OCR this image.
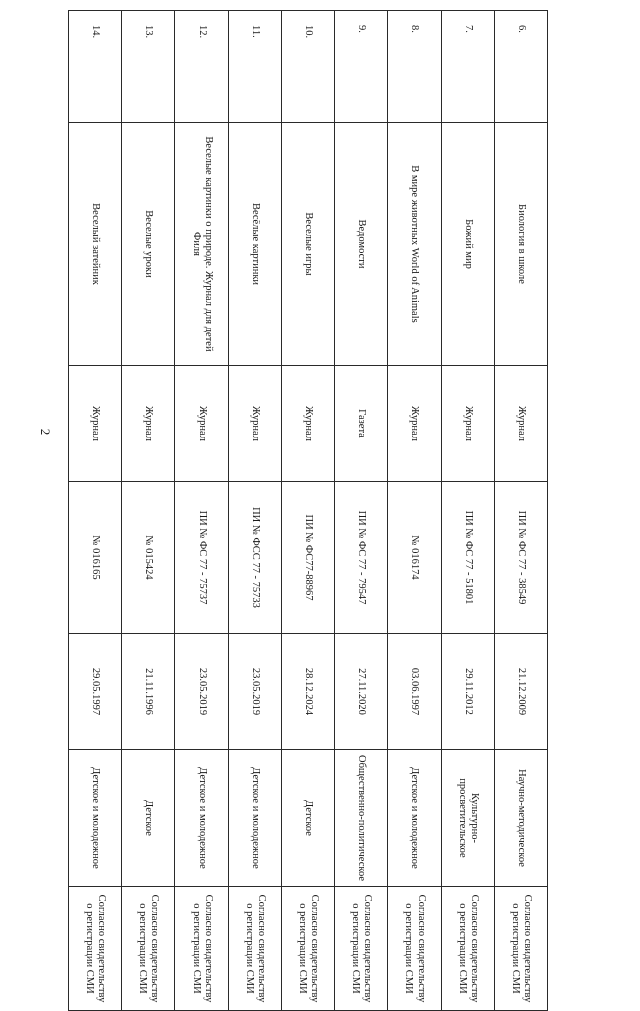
2
6.	Биология в школе	Журнал	ПИ № ФС 77 - 38549	21.12.2009	Научно-методическое	Согласно свидетельству о регистрации СМИ
7.	Божий мир	Журнал	ПИ № ФС 77 - 51801	29.11.2012	Культурно-просветительское	Согласно свидетельству о регистрации СМИ
8.	В мире животных World of Animals	Журнал	№ 016174	03.06.1997	Детское и молодежное	Согласно свидетельству о регистрации СМИ
9.	Ведомости	Газета	ПИ № ФС 77 - 79547	27.11.2020	Общественно-политическое	Согласно свидетельству о регистрации СМИ
10.	Веселые игры	Журнал	ПИ № ФС77-88967	28.12.2024	Детское	Согласно свидетельству о регистрации СМИ
11.	Весёлые картинки	Журнал	ПИ № ФСС 77 - 75733	23.05.2019	Детское и молодежное	Согласно свидетельству о регистрации СМИ
12.	Веселые картинки о природе. Журнал для детей Филя	Журнал	ПИ № ФС 77 - 75737	23.05.2019	Детское и молодежное	Согласно свидетельству о регистрации СМИ
13.	Веселые уроки	Журнал	№ 015424	21.11.1996	Детское	Согласно свидетельству о регистрации СМИ
14.	Веселый затейник	Журнал	№ 016165	29.05.1997	Детское и молодежное	Согласно свидетельству о регистрации СМИ
